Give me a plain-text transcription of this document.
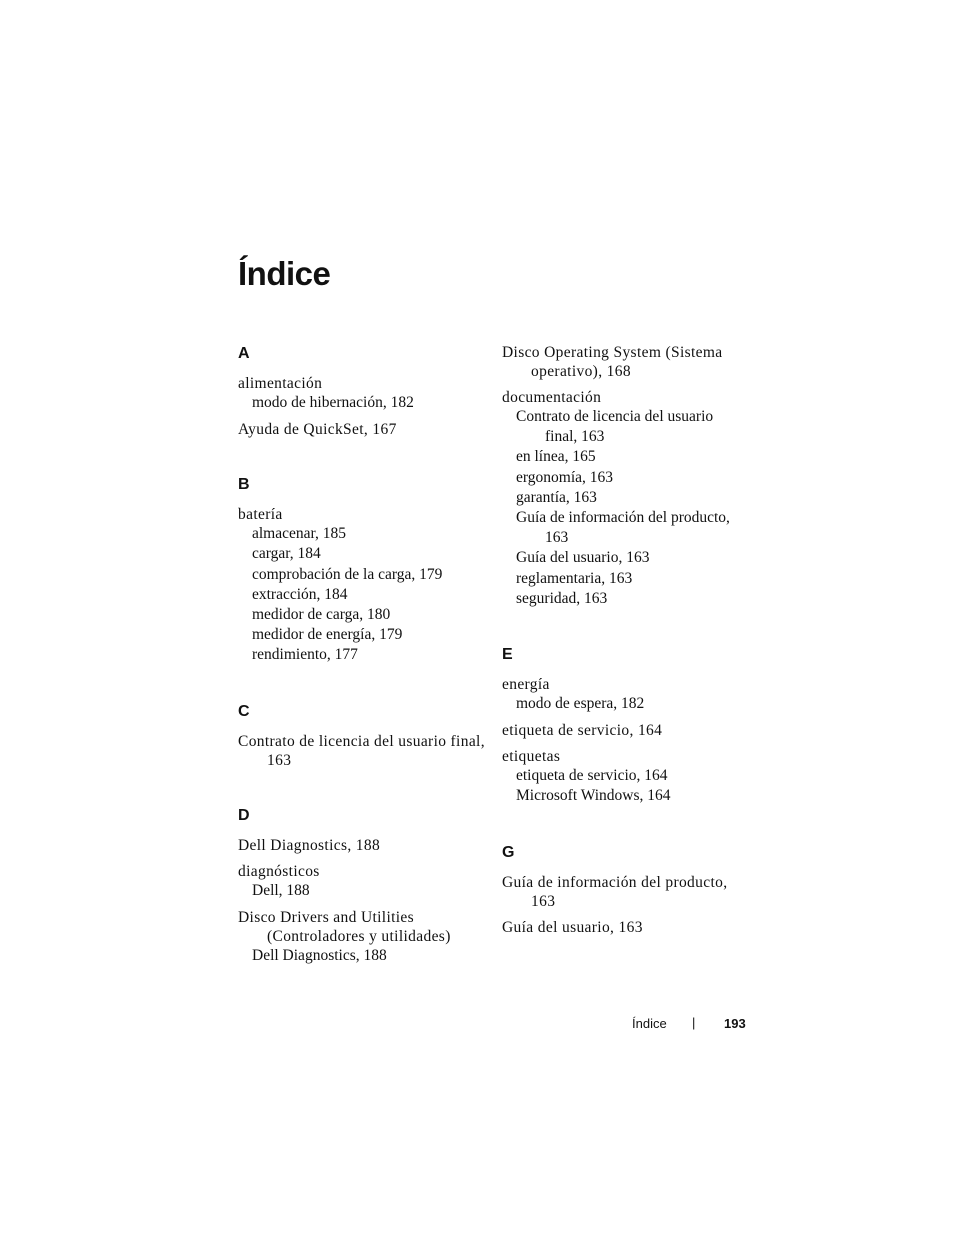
Índice
A
alimentación
modo de hibernación, 182
Ayuda de QuickSet, 167
B
batería
almacenar, 185
cargar, 184
comprobación de la carga, 179
extracción, 184
medidor de carga, 180
medidor de energía, 179
rendimiento, 177
C
Contrato de licencia del usuario final, 163
D
Dell Diagnostics, 188
diagnósticos
Dell, 188
Disco Drivers and Utilities (Controladores y utilidades)
Dell Diagnostics, 188
Disco Operating System (Sistema operativo), 168
documentación
Contrato de licencia del usuario final, 163
en línea, 165
ergonomía, 163
garantía, 163
Guía de información del producto, 163
Guía del usuario, 163
reglamentaria, 163
seguridad, 163
E
energía
modo de espera, 182
etiqueta de servicio, 164
etiquetas
etiqueta de servicio, 164
Microsoft Windows, 164
G
Guía de información del producto, 163
Guía del usuario, 163
Índice | 193
